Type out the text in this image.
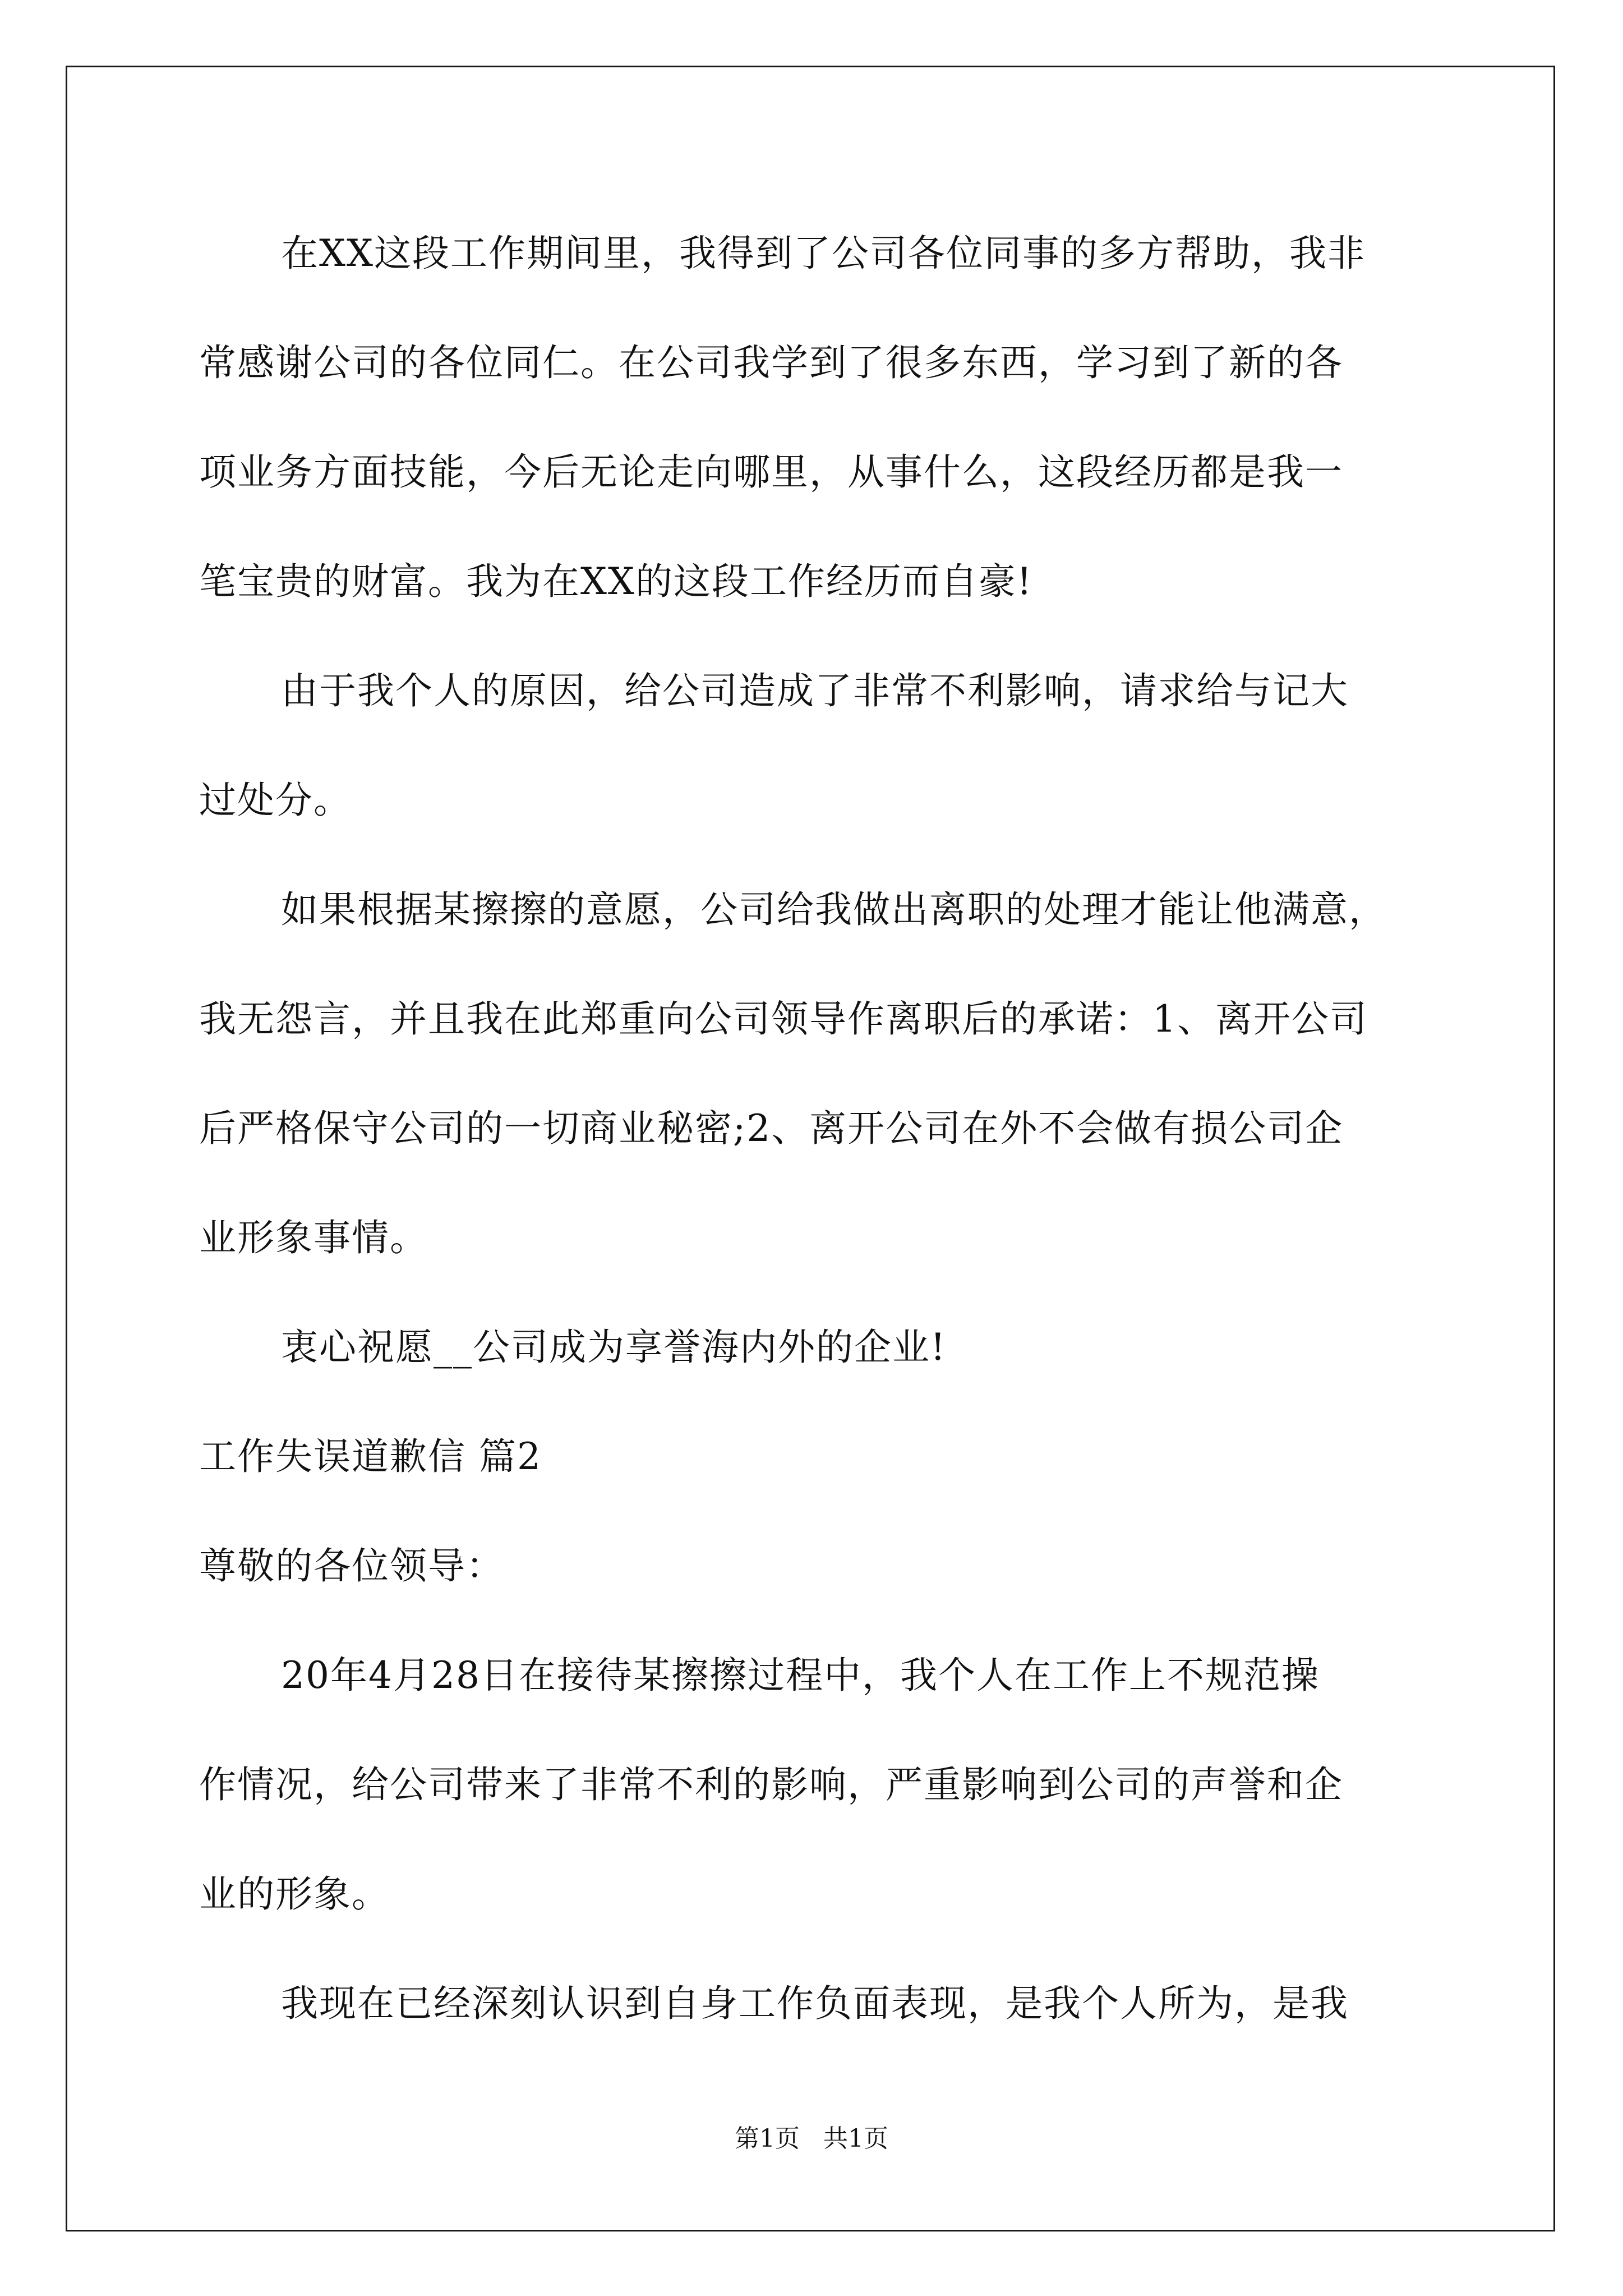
在XX这段工作期间里，我得到了公司各位同事的多方帮助，我非
常感谢公司的各位同仁。在公司我学到了很多东西，学习到了新的各
项业务方面技能，今后无论走向哪里，从事什么，这段经历都是我一
笔宝贵的财富。我为在XX的这段工作经历而自豪!
由于我个人的原因，给公司造成了非常不利影响，请求给与记大
过处分。
如果根据某擦擦的意愿，公司给我做出离职的处理才能让他满意，
我无怨言，并且我在此郑重向公司领导作离职后的承诺：1、离开公司
后严格保守公司的一切商业秘密;2、离开公司在外不会做有损公司企
业形象事情。
衷心祝愿__公司成为享誉海内外的企业!
工作失误道歉信 篇2
尊敬的各位领导：
20年4月28日在接待某擦擦过程中，我个人在工作上不规范操
作情况，给公司带来了非常不利的影响，严重影响到公司的声誉和企
业的形象。
我现在已经深刻认识到自身工作负面表现，是我个人所为，是我
第1页   共1页
